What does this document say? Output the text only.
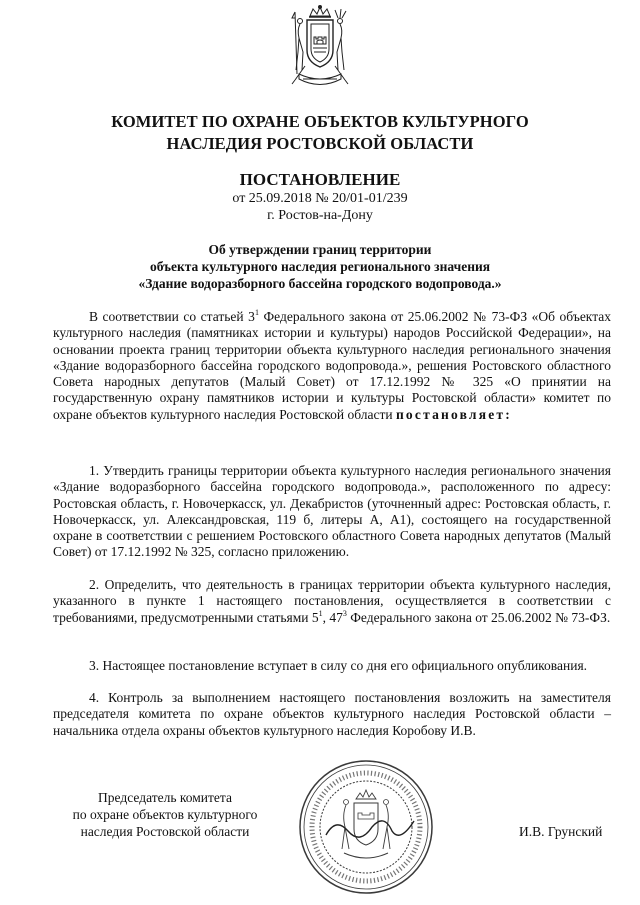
КОМИТЕТ ПО ОХРАНЕ ОБЪЕКТОВ КУЛЬТУРНОГО
НАСЛЕДИЯ РОСТОВСКОЙ ОБЛАСТИ
ПОСТАНОВЛЕНИЕ
от 25.09.2018 № 20/01-01/239
г. Ростов-на-Дону
Об утверждении границ территории
объекта культурного наследия регионального значения
«Здание водоразборного бассейна городского водопровода.»

В соответствии со статьей $3^1$ Федерального закона от 25.06.2002 № 73-ФЗ «Об объектах культурного наследия (памятниках истории и культуры) народов Российской Федерации», на основании проекта границ территории объекта культурного наследия регионального значения «Здание водоразборного бассейна городского водопровода.», решения Ростовского областного Совета народных депутатов (Малый Совет) от 17.12.1992 № 325 «О принятии на государственную охрану памятников истории и культуры Ростовской области» комитет по охране объектов культурного наследия Ростовской области постановляет:

1. Утвердить границы территории объекта культурного наследия регионального значения «Здание водоразборного бассейна городского водопровода.», расположенного по адресу: Ростовская область, г. Новочеркасск, ул. Декабристов (уточненный адрес: Ростовская область, г. Новочеркасск, ул. Александровская, 119 б, литеры А, А1), состоящего на государственной охране в соответствии с решением Ростовского областного Совета народных депутатов (Малый Совет) от 17.12.1992 № 325, согласно приложению.

2. Определить, что деятельность в границах территории объекта культурного наследия, указанного в пункте 1 настоящего постановления, осуществляется в соответствии с требованиями, предусмотренными статьями $5^1$, $47^3$ Федерального закона от 25.06.2002 № 73-ФЗ.

3. Настоящее постановление вступает в силу со дня его официального опубликования.

4. Контроль за выполнением настоящего постановления возложить на заместителя председателя комитета по охране объектов культурного наследия Ростовской области – начальника отдела охраны объектов культурного наследия Коробову И.В.

Председатель комитета
по охране объектов культурного
наследия Ростовской области	И.В. Грунский
